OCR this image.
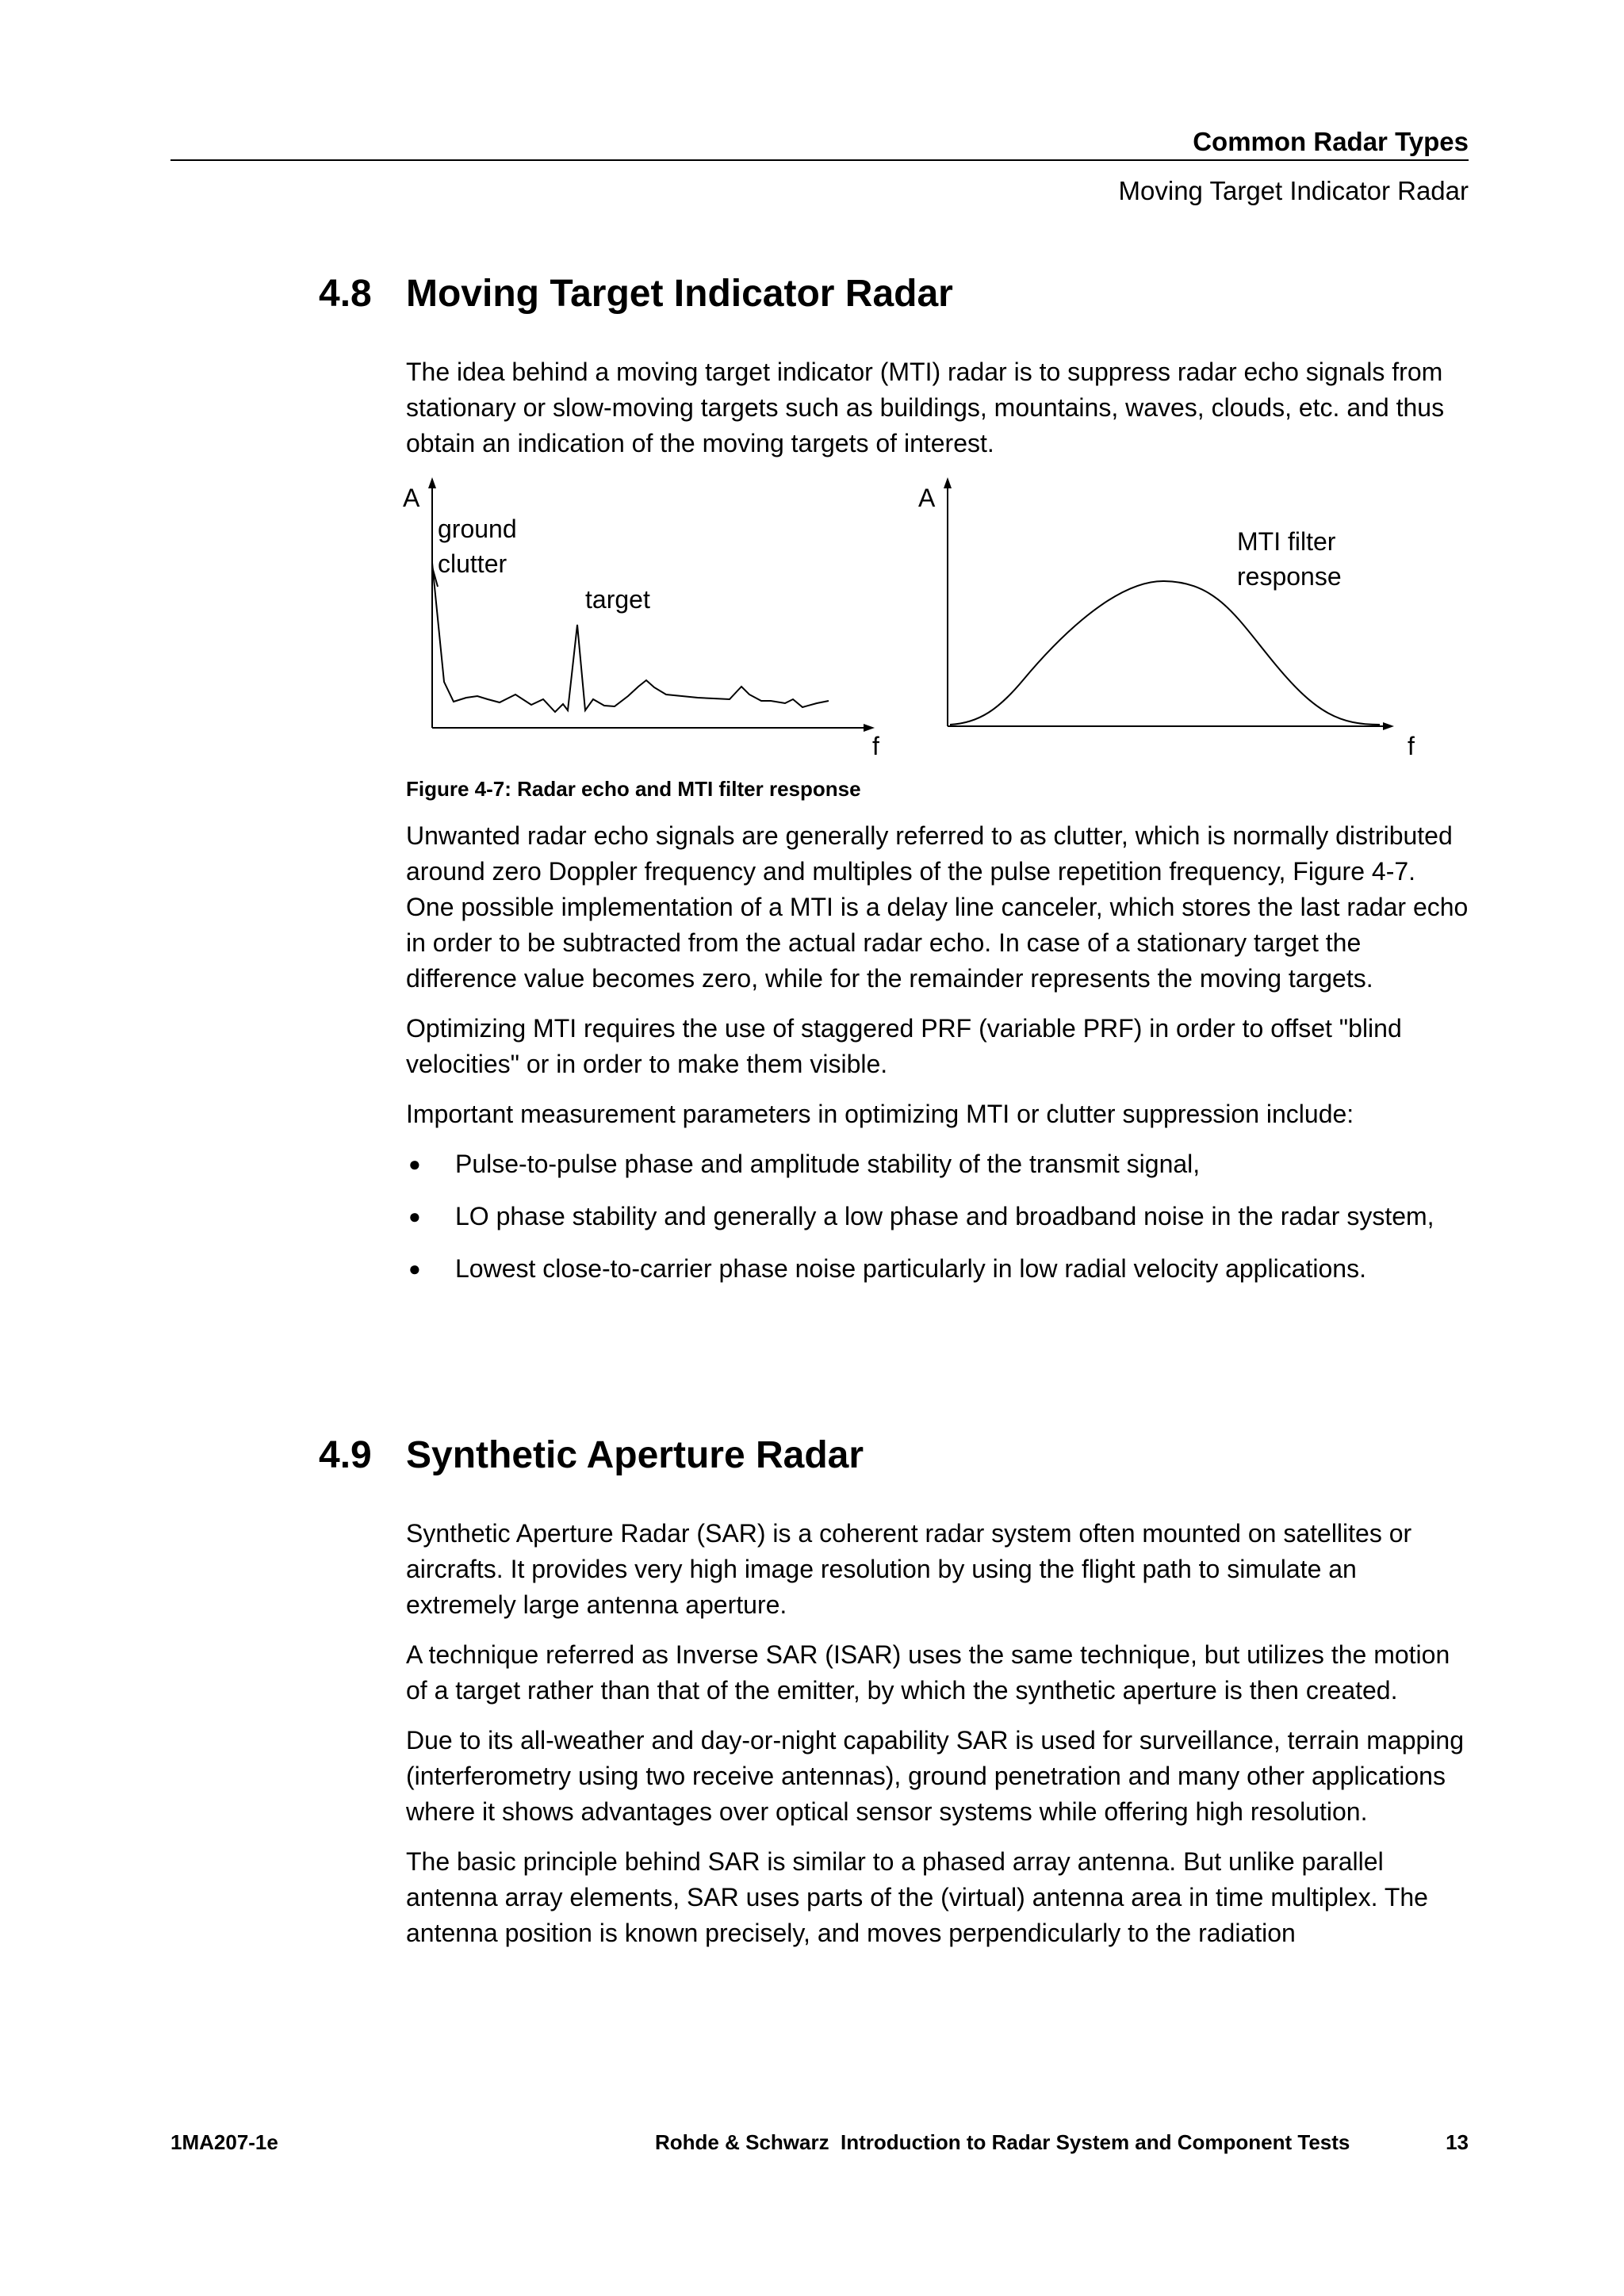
Common Radar Types
Moving Target Indicator Radar
4.8 Moving Target Indicator Radar

The idea behind a moving target indicator (MTI) radar is to suppress radar echo signals from stationary or slow-moving targets such as buildings, mountains, waves, clouds, etc. and thus obtain an indication of the moving targets of interest.

A
f
ground
clutter
target
A
f
MTI filter
response
Figure 4-7: Radar echo and MTI filter response

Unwanted radar echo signals are generally referred to as clutter, which is normally distributed around zero Doppler frequency and multiples of the pulse repetition frequency, Figure 4-7. One possible implementation of a MTI is a delay line canceler, which stores the last radar echo in order to be subtracted from the actual radar echo. In case of a stationary target the difference value becomes zero, while for the remainder represents the moving targets.

Optimizing MTI requires the use of staggered PRF (variable PRF) in order to offset "blind velocities" or in order to make them visible.

Important measurement parameters in optimizing MTI or clutter suppression include:

● Pulse-to-pulse phase and amplitude stability of the transmit signal,
● LO phase stability and generally a low phase and broadband noise in the radar system,
● Lowest close-to-carrier phase noise particularly in low radial velocity applications.
4.9 Synthetic Aperture Radar

Synthetic Aperture Radar (SAR) is a coherent radar system often mounted on satellites or aircrafts. It provides very high image resolution by using the flight path to simulate an extremely large antenna aperture.

A technique referred as Inverse SAR (ISAR) uses the same technique, but utilizes the motion of a target rather than that of the emitter, by which the synthetic aperture is then created.

Due to its all-weather and day-or-night capability SAR is used for surveillance, terrain mapping (interferometry using two receive antennas), ground penetration and many other applications where it shows advantages over optical sensor systems while offering high resolution.

The basic principle behind SAR is similar to a phased array antenna. But unlike parallel antenna array elements, SAR uses parts of the (virtual) antenna area in time multiplex. The antenna position is known precisely, and moves perpendicularly to the radiation

1MA207-1e	Rohde & Schwarz  Introduction to Radar System and Component Tests	13
